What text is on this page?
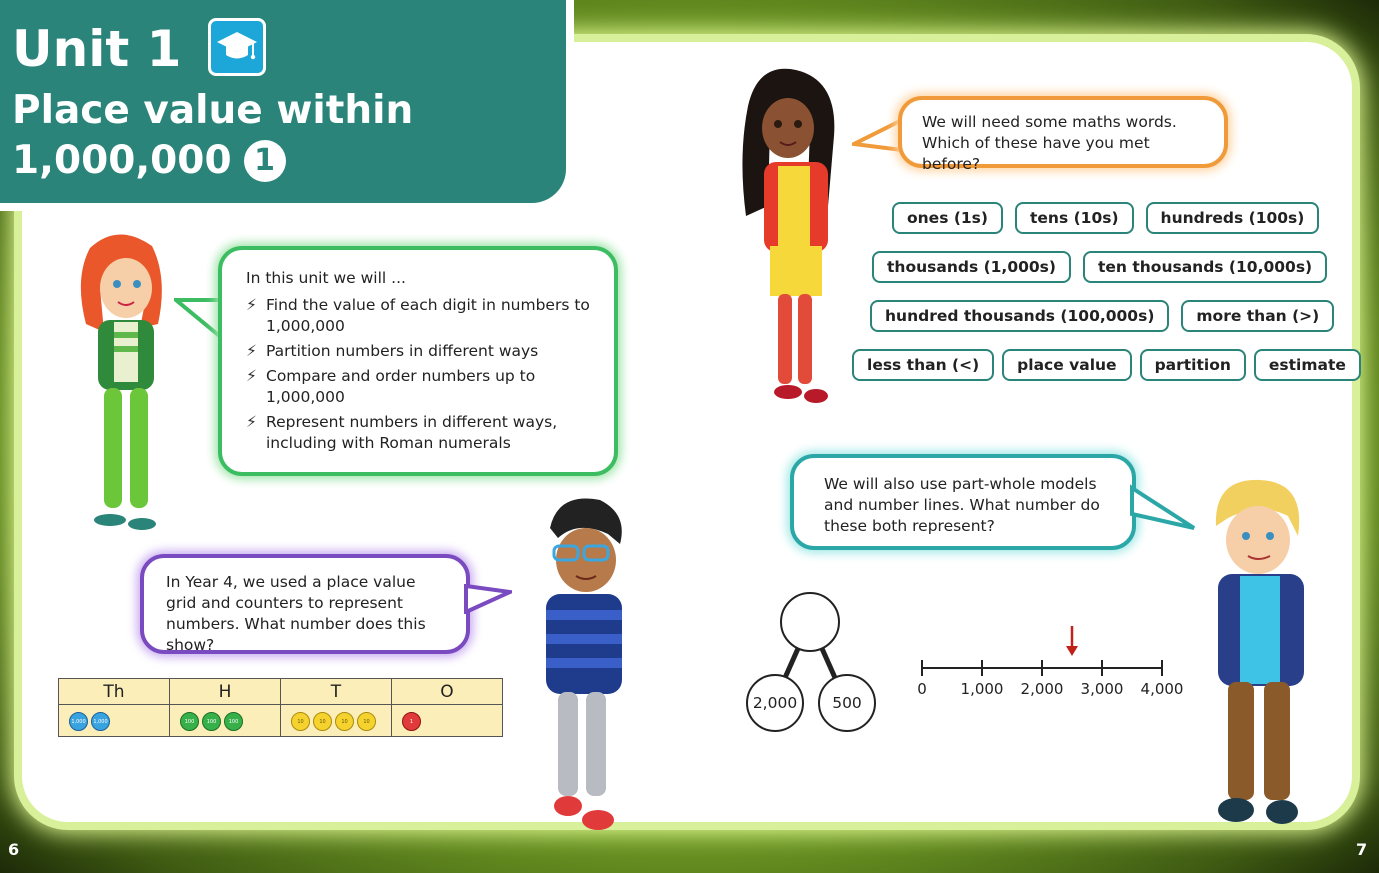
Unit 1
Place value within
1,000,000 1
In this unit we will ...
⚡ Find the value of each digit in numbers to 1,000,000
⚡ Partition numbers in different ways
⚡ Compare and order numbers up to 1,000,000
⚡ Represent numbers in different ways, including with Roman numerals
In Year 4, we used a place value grid and counters to represent numbers. What number does this show?
Th	H	T	O
1,000 1,000	100 100 100	10 10 10 10	1
We will need some maths words. Which of these have you met before?
ones (1s)	tens (10s)	hundreds (100s)
thousands (1,000s)	ten thousands (10,000s)
hundred thousands (100,000s)	more than (>)
less than (<)	place value	partition	estimate
We will also use part-whole models and number lines. What number do these both represent?
2,000	500
0 1,000 2,000 3,000 4,000
6	7
